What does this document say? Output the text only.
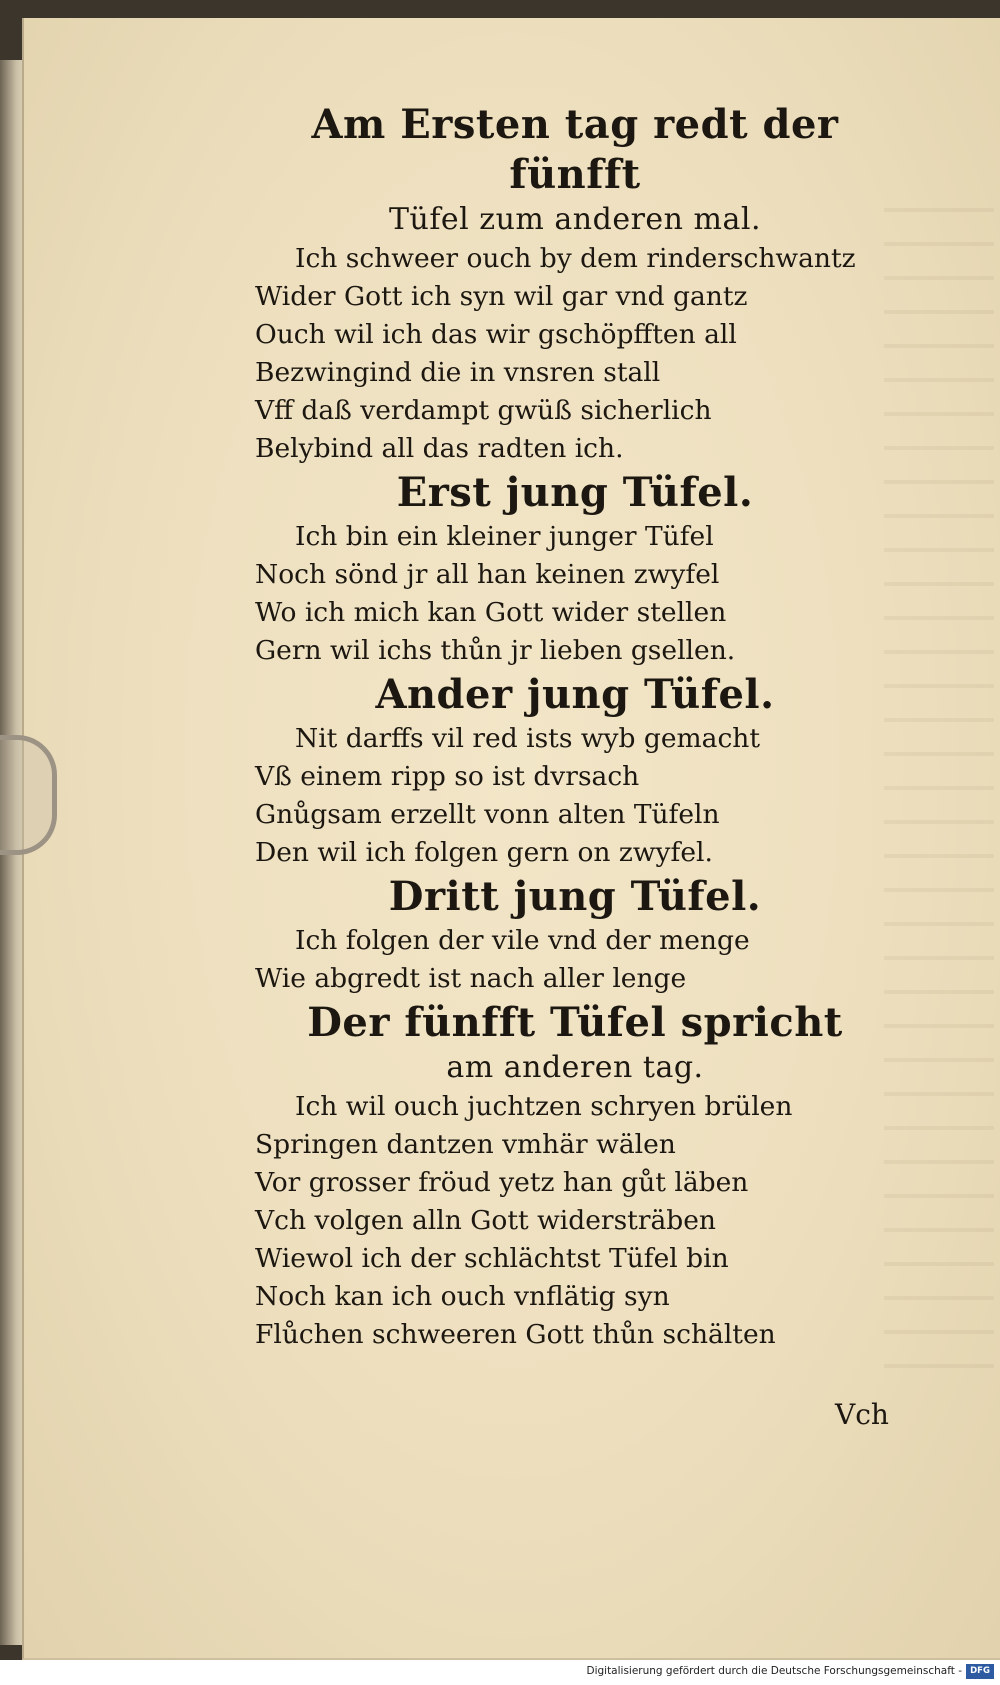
Am Ersten tag redt der fünfft

Tüfel zum anderen mal.

Ich schweer ouch by dem rinderschwantz

Wider Gott ich syn wil gar vnd gantz

Ouch wil ich das wir gschöpfften all

Bezwingind die in vnsren stall

Vff daß verdampt gwüß sicherlich

Belybind all das radten ich.

Erst jung Tüfel.

Ich bin ein kleiner junger Tüfel

Noch sönd jr all han keinen zwyfel

Wo ich mich kan Gott wider stellen

Gern wil ichs thůn jr lieben gsellen.

Ander jung Tüfel.

Nit darffs vil red ists wyb gemacht

Vß einem ripp so ist dvrsach

Gnůgsam erzellt vonn alten Tüfeln

Den wil ich folgen gern on zwyfel.

Dritt jung Tüfel.

Ich folgen der vile vnd der menge

Wie abgredt ist nach aller lenge

Der fünfft Tüfel spricht

am anderen tag.

Ich wil ouch juchtzen schryen brülen

Springen dantzen vmhär wälen

Vor grosser fröud yetz han gůt läben

Vch volgen alln Gott widersträben

Wiewol ich der schlächtst Tüfel bin

Noch kan ich ouch vnflätig syn

Flůchen schweeren Gott thůn schälten

Vch
Digitalisierung gefördert durch die Deutsche Forschungsgemeinschaft - DFG
